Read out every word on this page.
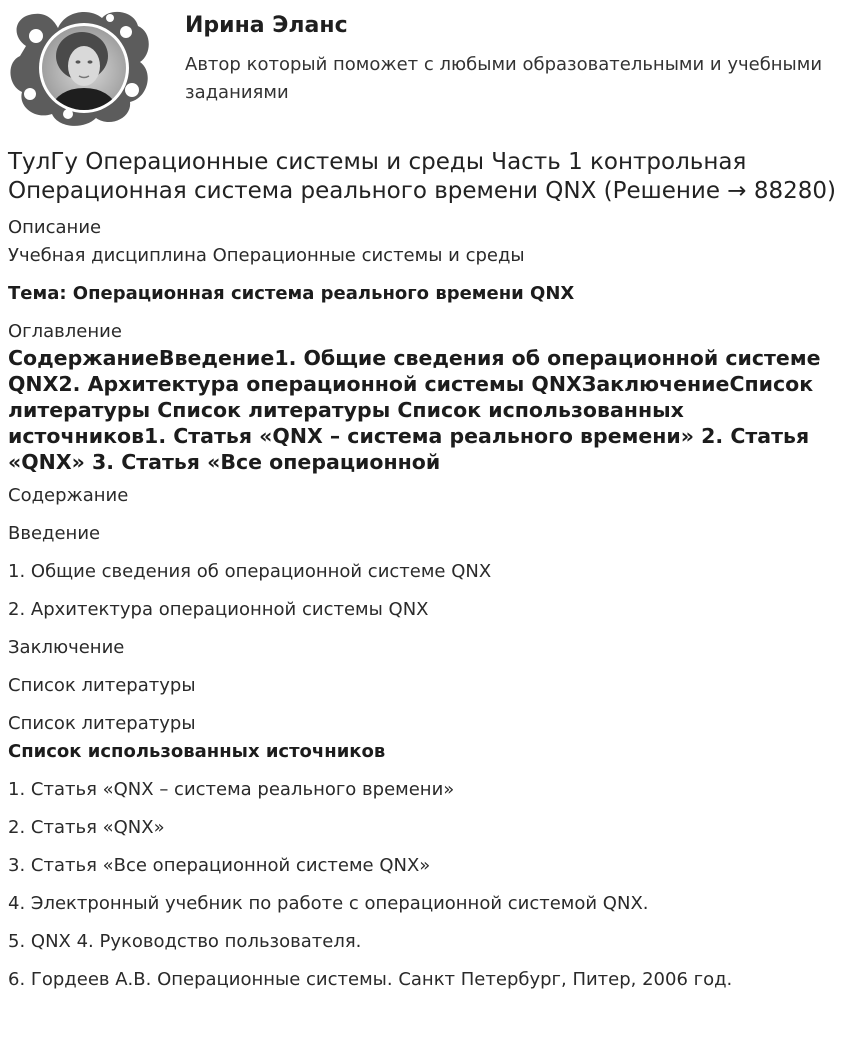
Ирина Эланс
Автор который поможет с любыми образовательными и учебными заданиями
ТулГу Операционные системы и среды Часть 1 контрольная Операционная система реального времени QNX (Решение → 88280)

Описание

Учебная дисциплина Операционные системы и среды

Тема: Операционная система реального времени QNX

Оглавление

СодержаниеВведение1. Общие сведения об операционной системе QNX2. Архитектура операционной системы QNXЗаключениеСписок литературы Список литературы Список использованных источников1. Статья «QNX – система реального времени» 2. Статья «QNX» 3. Статья «Все операционной

Содержание

Введение

1. Общие сведения об операционной системе QNX

2. Архитектура операционной системы QNX

Заключение

Список литературы

Список литературы

Список использованных источников

1. Статья «QNX – система реального времени»

2. Статья «QNX»

3. Статья «Все операционной системе QNX»

4. Электронный учебник по работе с операционной системой QNX.

5. QNX 4. Руководство пользователя.

6. Гордеев А.В. Операционные системы. Санкт Петербург, Питер, 2006 год.
